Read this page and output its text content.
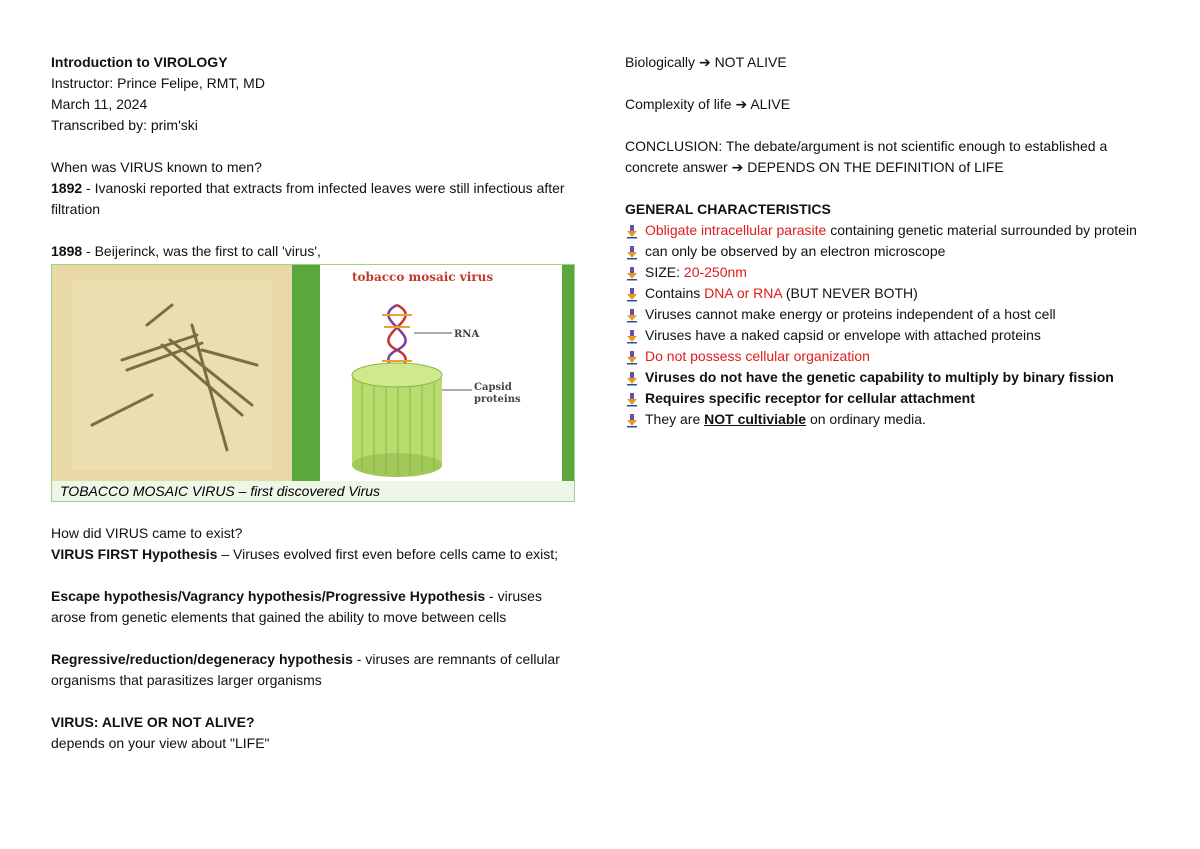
Introduction to VIROLOGY
Instructor: Prince Felipe, RMT, MD
March 11, 2024
Transcribed by: prim'ski
When was VIRUS known to men?
1892 - Ivanoski reported that extracts from infected leaves were still infectious after filtration
1898 - Beijerinck, was the first to call 'virus',
tobacco mosaic virus
RNA
Capsid
proteins
TOBACCO MOSAIC VIRUS – first discovered Virus
How did VIRUS came to exist?
VIRUS FIRST Hypothesis – Viruses evolved first even before cells came to exist;
Escape hypothesis/Vagrancy hypothesis/Progressive Hypothesis - viruses arose from genetic elements that gained the ability to move between cells
Regressive/reduction/degeneracy hypothesis - viruses are remnants of cellular organisms that parasitizes larger organisms
VIRUS: ALIVE OR NOT ALIVE?
depends on your view about "LIFE"
Biologically ➔ NOT ALIVE
Complexity of life ➔ ALIVE
CONCLUSION: The debate/argument is not scientific enough to established a
concrete answer ➔ DEPENDS ON THE DEFINITION of LIFE
GENERAL CHARACTERISTICS
Obligate intracellular parasite containing genetic material surrounded by protein
can only be observed by an electron microscope
SIZE: 20-250nm
Contains DNA or RNA (BUT NEVER BOTH)
Viruses cannot make energy or proteins independent of a host cell
Viruses have a naked capsid or envelope with attached proteins
Do not possess cellular organization
Viruses do not have the genetic capability to multiply by binary fission
Requires specific receptor for cellular attachment
They are NOT cultiviable on ordinary media.
